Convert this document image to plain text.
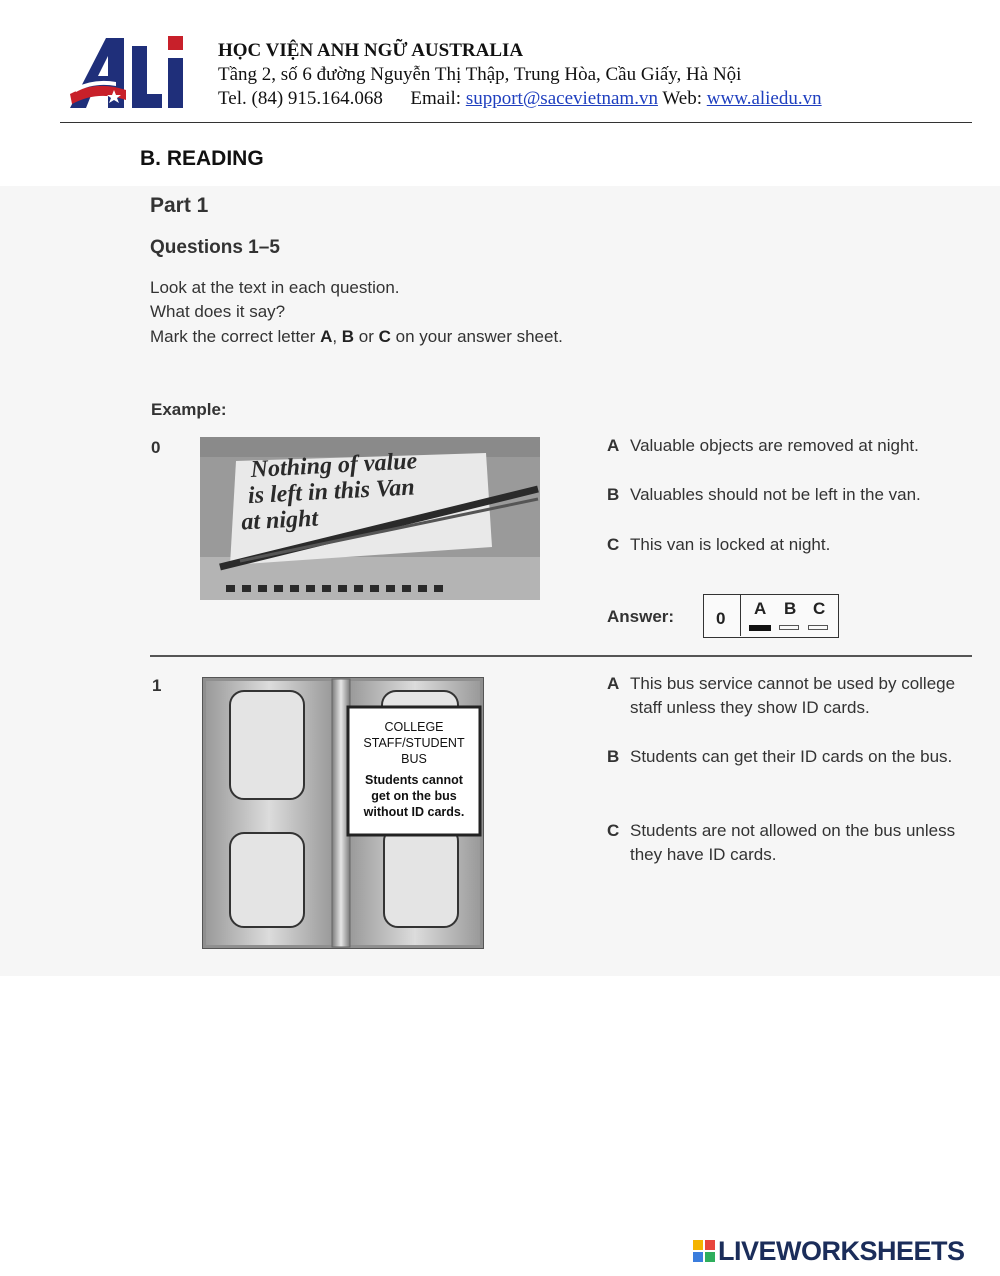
HỌC VIỆN ANH NGỮ AUSTRALIA
Tầng 2, số 6 đường Nguyễn Thị Thập, Trung Hòa, Cầu Giấy, Hà Nội
Tel. (84) 915.164.068 Email: support@sacevietnam.vn Web: www.aliedu.vn
B. READING
Part 1
Questions 1–5
Look at the text in each question.
What does it say?
Mark the correct letter A, B or C on your answer sheet.
Example:
0
Nothing of value
is left in this Van
at night
A Valuable objects are removed at night.
B Valuables should not be left in the van.
C This van is locked at night.
Answer: 0
A B C
1
COLLEGE
STAFF/STUDENT
BUS
Students cannot
get on the bus
without ID cards.
A This bus service cannot be used by college staff unless they show ID cards.
B Students can get their ID cards on the bus.
C Students are not allowed on the bus unless they have ID cards.
LIVEWORKSHEETS
